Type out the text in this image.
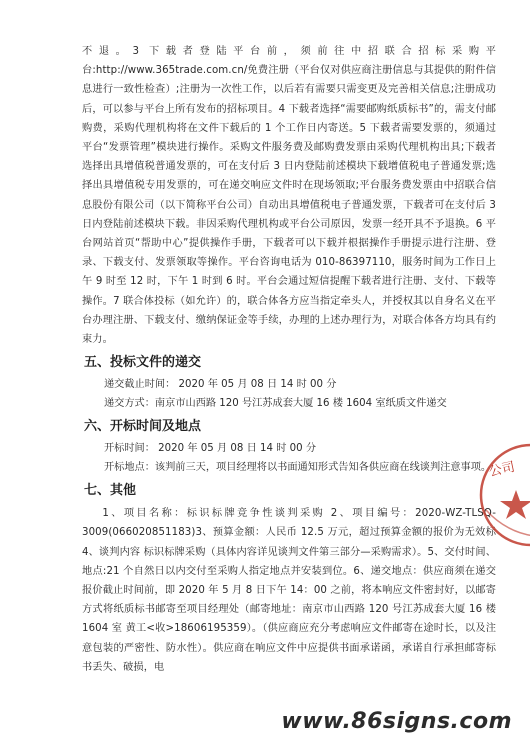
不退。3 下载者登陆平台前，须前往中招联合招标采购平台:http://www.365trade.com.cn/免费注册（平台仅对供应商注册信息与其提供的附件信息进行一致性检查）;注册为一次性工作，以后若有需要只需变更及完善相关信息;注册成功后，可以参与平台上所有发布的招标项目。4 下载者选择“需要邮购纸质标书”的，需支付邮购费，采购代理机构将在文件下载后的 1 个工作日内寄送。5 下载者需要发票的，须通过平台“发票管理”模块进行操作。采购文件服务费及邮购费发票由采购代理机构出具;下载者选择出具增值税普通发票的，可在支付后 3 日内登陆前述模块下载增值税电子普通发票;选择出具增值税专用发票的，可在递交响应文件时在现场领取;平台服务费发票由中招联合信息股份有限公司（以下简称平台公司）自动出具增值税电子普通发票，下载者可在支付后 3 日内登陆前述模块下载。非因采购代理机构或平台公司原因，发票一经开具不予退换。6 平台网站首页“帮助中心”提供操作手册，下载者可以下载并根据操作手册提示进行注册、登录、下载支付、发票领取等操作。平台咨询电话为 010-86397110，服务时间为工作日上午 9 时至 12 时，下午 1 时到 6 时。平台会通过短信提醒下载者进行注册、支付、下载等操作。7 联合体投标（如允许）的，联合体各方应当指定牵头人，并授权其以自身名义在平台办理注册、下载支付、缴纳保证金等手续，办理的上述办理行为，对联合体各方均具有约束力。

五、投标文件的递交

递交截止时间： 2020 年 05 月 08 日 14 时 00 分

递交方式：南京市山西路 120 号江苏成套大厦 16 楼 1604 室纸质文件递交

六、开标时间及地点

开标时间： 2020 年 05 月 08 日 14 时 00 分

开标地点：该判前三天，项目经理将以书面通知形式告知各供应商在线谈判注意事项。

七、其他

1、项目名称：标识标牌竞争性谈判采购 2、项目编号：2020-WZ-TLSQ-3009(066020851183)3、预算金额：人民币 12.5 万元，超过预算金额的报价为无效标 4、谈判内容 标识标牌采购（具体内容详见谈判文件第三部分—采购需求）。5、交付时间、地点:21 个自然日以内交付至采购人指定地点并安装到位。6、递交地点：供应商须在递交报价截止时间前，即 2020 年 5 月 8 日下午 14：00 之前，将本响应文件密封好，以邮寄方式将纸质标书邮寄至项目经理处（邮寄地址：南京市山西路 120 号江苏成套大厦 16 楼 1604 室 黄工<收>18606195359）。（供应商应充分考虑响应文件邮寄在途时长，以及注意包装的严密性、防水性）。供应商在响应文件中应提供书面承诺函，承诺自行承担邮寄标书丢失、破损，电

公司
www.86signs.com
